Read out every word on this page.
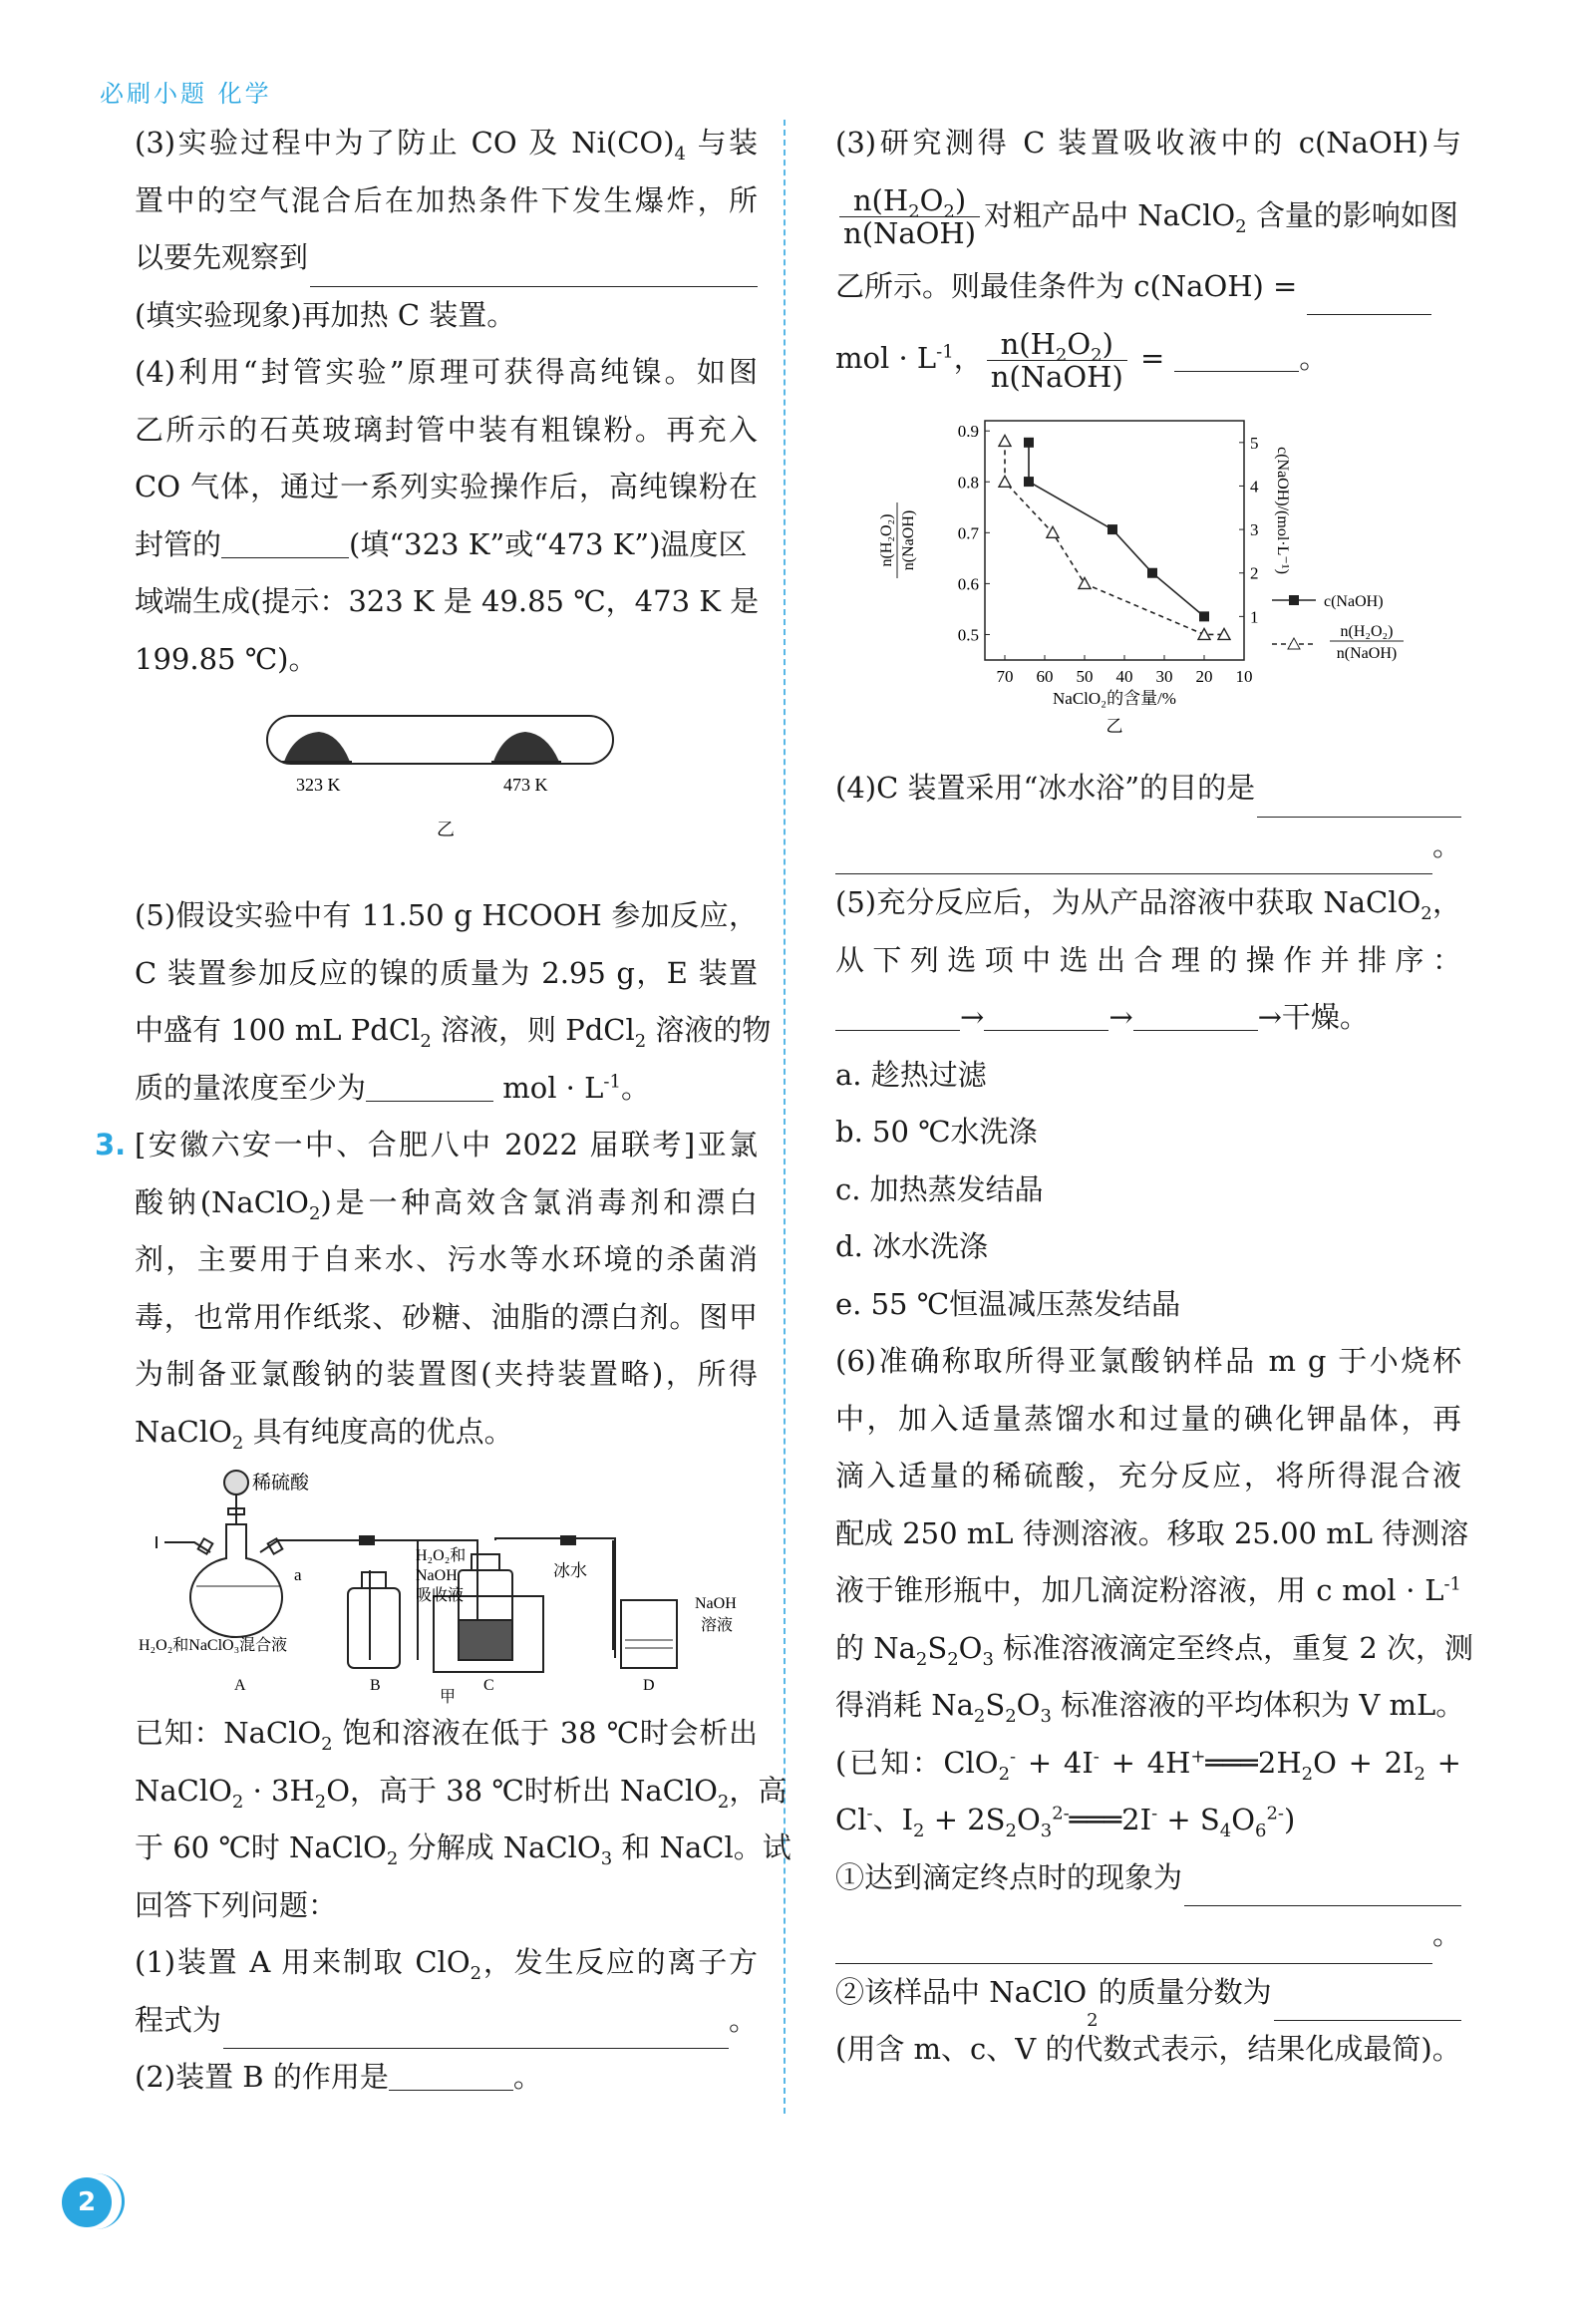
必刷小题 化学
(3)实验过程中为了防止 CO 及 $Ni(CO)_4$ 与装
置中的空气混合后在加热条件下发生爆炸，所
以要先观察到
(填实验现象)再加热 C 装置。
(4)利用“封管实验”原理可获得高纯镍。如图
乙所示的石英玻璃封管中装有粗镍粉。再充入
CO 气体，通过一系列实验操作后，高纯镍粉在
封管的	(填“323 K”或“473 K”)温度区
域端生成(提示：323 K 是 49.85 ℃，473 K 是
199.85 ℃)。
323 K	473 K
乙
(5)假设实验中有 11.50 g HCOOH 参加反应，
C 装置参加反应的镍的质量为 2.95 g，E 装置
中盛有 100 mL PdCl$_2$ 溶液，则 PdCl$_2$ 溶液的物
质的量浓度至少为	mol · $L^{-1}$。
3. [安徽六安一中、合肥八中 2022 届联考]亚氯
酸钠(NaClO$_2$)是一种高效含氯消毒剂和漂白
剂，主要用于自来水、污水等水环境的杀菌消
毒，也常用作纸浆、砂糖、油脂的漂白剂。图甲
为制备亚氯酸钠的装置图(夹持装置略)，所得
NaClO$_2$ 具有纯度高的优点。
稀硫酸
a
H₂O₂和NaClO₃混合液
H₂O₂和
NaOH
吸收液
冰水
NaOH
溶液
A	B	C	D
甲
已知：NaClO$_2$ 饱和溶液在低于 38 ℃时会析出
NaClO$_2$ · $3H_2O$，高于 38 ℃时析出 NaClO$_2$，高
于 60 ℃时 NaClO$_2$ 分解成 NaClO$_3$ 和 NaCl。试
回答下列问题：
(1)装置 A 用来制取 ClO$_2$，发生反应的离子方
程式为	。
(2)装置 B 的作用是	。
(3)研究测得 C 装置吸收液中的 c(NaOH)与
$\frac{n(H_2O_2)}{\text{n(NaOH)}}$ 对粗产品中 NaClO$_2$ 含量的影响如图
乙所示。则最佳条件为 c(NaOH) =
mol · $L^{-1}$， $\frac{n(H_2O_2)}{\text{n(NaOH)}}$ =	。
70 60 50 40 30 20 10
0.9
0.8
0.7
0.6
0.5
5
4
3
2
1
NaClO₂的含量/%
乙
n(H₂O₂) n(NaOH)	c(NaOH)/(mol·L⁻¹)
c(NaOH)
n(H₂O₂)
n(NaOH)
(4)C 装置采用“冰水浴”的目的是
。
(5)充分反应后，为从产品溶液中获取 NaClO$_2$，
从下列选项中选出合理的操作并排序：
→	→	→干燥。
a. 趁热过滤
b. 50 ℃水洗涤
c. 加热蒸发结晶
d. 冰水洗涤
e. 55 ℃恒温减压蒸发结晶
(6)准确称取所得亚氯酸钠样品 m g 于小烧杯
中，加入适量蒸馏水和过量的碘化钾晶体，再
滴入适量的稀硫酸，充分反应，将所得混合液
配成 250 mL 待测溶液。移取 25.00 mL 待测溶
液于锥形瓶中，加几滴淀粉溶液，用 c mol · $L^{-1}$
的 $Na_2S_2O_3$ 标准溶液滴定至终点，重复 2 次，测
得消耗 $Na_2S_2O_3$ 标准溶液的平均体积为 V mL。
(已知：$ClO_2^- + 4I^- + 4H^+═══2H_2O + 2I_2$ +
Cl-、$I_2$ + $2S_2O_3^{2-}═══2I^- + S_4O_6^{2-}$)
①达到滴定终点时的现象为
。
②该样品中 NaClO
2
的质量分数为
(用含 m、c、V 的代数式表示，结果化成最简)。
2
